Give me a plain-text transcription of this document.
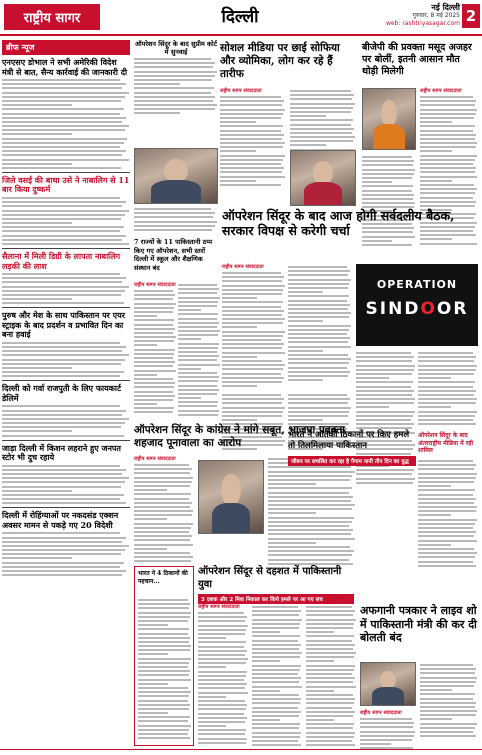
राष्ट्रीय सागर	दिल्ली	नई दिल्ली
गुरुवार, 8 मई 2025
web: rashtriyasagar.com 2
ब्रीफ न्यूज
एनएसए डोभाल ने सभी अमेरिकी विदेश मंत्री से बात, सैन्य कार्रवाई की जानकारी दी
जिले वसई की बाथा उसे ने नाबालिग से 11 बार किया दुष्कर्म
सैलाना में मिली डिग्री के लापता नाबालिग लड़की की लाश
पुरुष और मेश के साथ पाकिस्तान पर एयर स्ट्राइक के बाद प्रदर्शन व प्रभावित दिन का बना हवाई
दिल्ली को गर्वा राजपुती के लिए फायकार्ट डेलिमें
जाड़ा दिल्ली में किशन लहराने हुए जनपत स्टोर भी दुच रहाये
दिल्ली में रोहिंग्याओं पर नकदसंड एक्शन अवसर मामन से पकड़े गए 20 विदेशी
ऑपरेशन सिंदूर के बाद सुप्रीम कोर्ट में सुनवाई	सोशल मीडिया पर छाई सोफिया और व्योमिका, लोग कर रहे हैं तारीफ
राष्ट्रीय सागर संवाददाता
बीजेपी की प्रवक्ता मसूद अजहर पर बोलीं, इतनी आसान मौत थोड़ी मिलेगी
राष्ट्रीय सागर संवाददाता
ऑपरेशन सिंदूर के बाद आज होगी सर्वदलीय बैठक, सरकार विपक्ष से करेगी चर्चा
7 राज्यों के 11 पाकिस्तानी ठप्प किए गए ऑपरेशन, सभी स्तरों दिल्ली में स्कूल और शैक्षणिक संस्थान बंद
राष्ट्रीय सागर संवाददाता
राष्ट्रीय सागर संवाददाता
OPERATION
SINDOOR
ऑपरेशन सिंदूर के बाद अंतरराष्ट्रीय मीडिया में रही शामिल
ऑपरेशन सिंदूर के कांग्रेस ने मांगे सबूत, भाजपा प्रवक्ता शहजाद पूनावाला का आरोप
राष्ट्रीय सागर संवाददाता
भारत ने आतंकी ठिकानों पर किए हमले तो तिलमिलाया पाकिस्तान
जीवन पर सचलित कर रहा है पैगाम यानी तीन दिन का युद्ध
ऑपरेशन सिंदूर से दहशत में पाकिस्तानी युवा
3 दशक और 2 मिक निकाल कर किये हमले पर आ गए सच
राष्ट्रीय सागर संवाददाता
भारत ने 4 ठिकानों की पहचान...
अफगानी पत्रकार ने लाइव शो में पाकिस्तानी मंत्री की कर दी बोलती बंद
राष्ट्रीय सागर संवाददाता
